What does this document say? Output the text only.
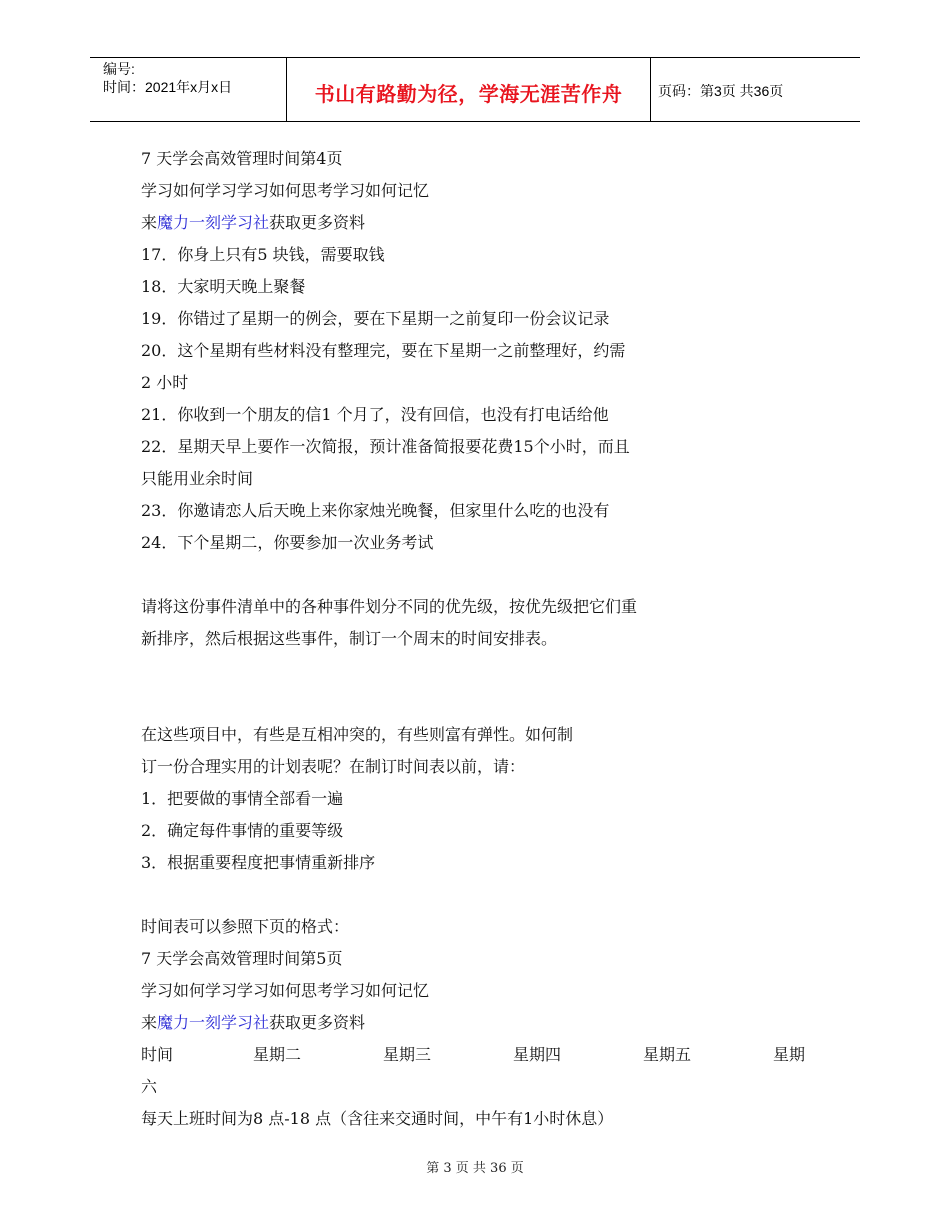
编号:
时间：2021年x月x日	书山有路勤为径，学海无涯苦作舟	页码：第3页 共36页
7 天学会高效管理时间第4页
学习如何学习学习如何思考学习如何记忆
来魔力一刻学习社获取更多资料
17．你身上只有5 块钱，需要取钱
18．大家明天晚上聚餐
19．你错过了星期一的例会，要在下星期一之前复印一份会议记录
20．这个星期有些材料没有整理完，要在下星期一之前整理好，约需
2 小时
21．你收到一个朋友的信1 个月了，没有回信，也没有打电话给他
22．星期天早上要作一次简报，预计准备简报要花费15个小时，而且
只能用业余时间
23．你邀请恋人后天晚上来你家烛光晚餐，但家里什么吃的也没有
24．下个星期二，你要参加一次业务考试
请将这份事件清单中的各种事件划分不同的优先级，按优先级把它们重
新排序，然后根据这些事件，制订一个周末的时间安排表。
在这些项目中，有些是互相冲突的，有些则富有弹性。如何制
订一份合理实用的计划表呢？在制订时间表以前，请：
1．把要做的事情全部看一遍
2．确定每件事情的重要等级
3．根据重要程度把事情重新排序
时间表可以参照下页的格式：
7 天学会高效管理时间第5页
学习如何学习学习如何思考学习如何记忆
来魔力一刻学习社获取更多资料
时间	星期二	星期三	星期四	星期五	星期
六
每天上班时间为8 点-18 点（含往来交通时间，中午有1小时休息）
第 3 页 共 36 页
